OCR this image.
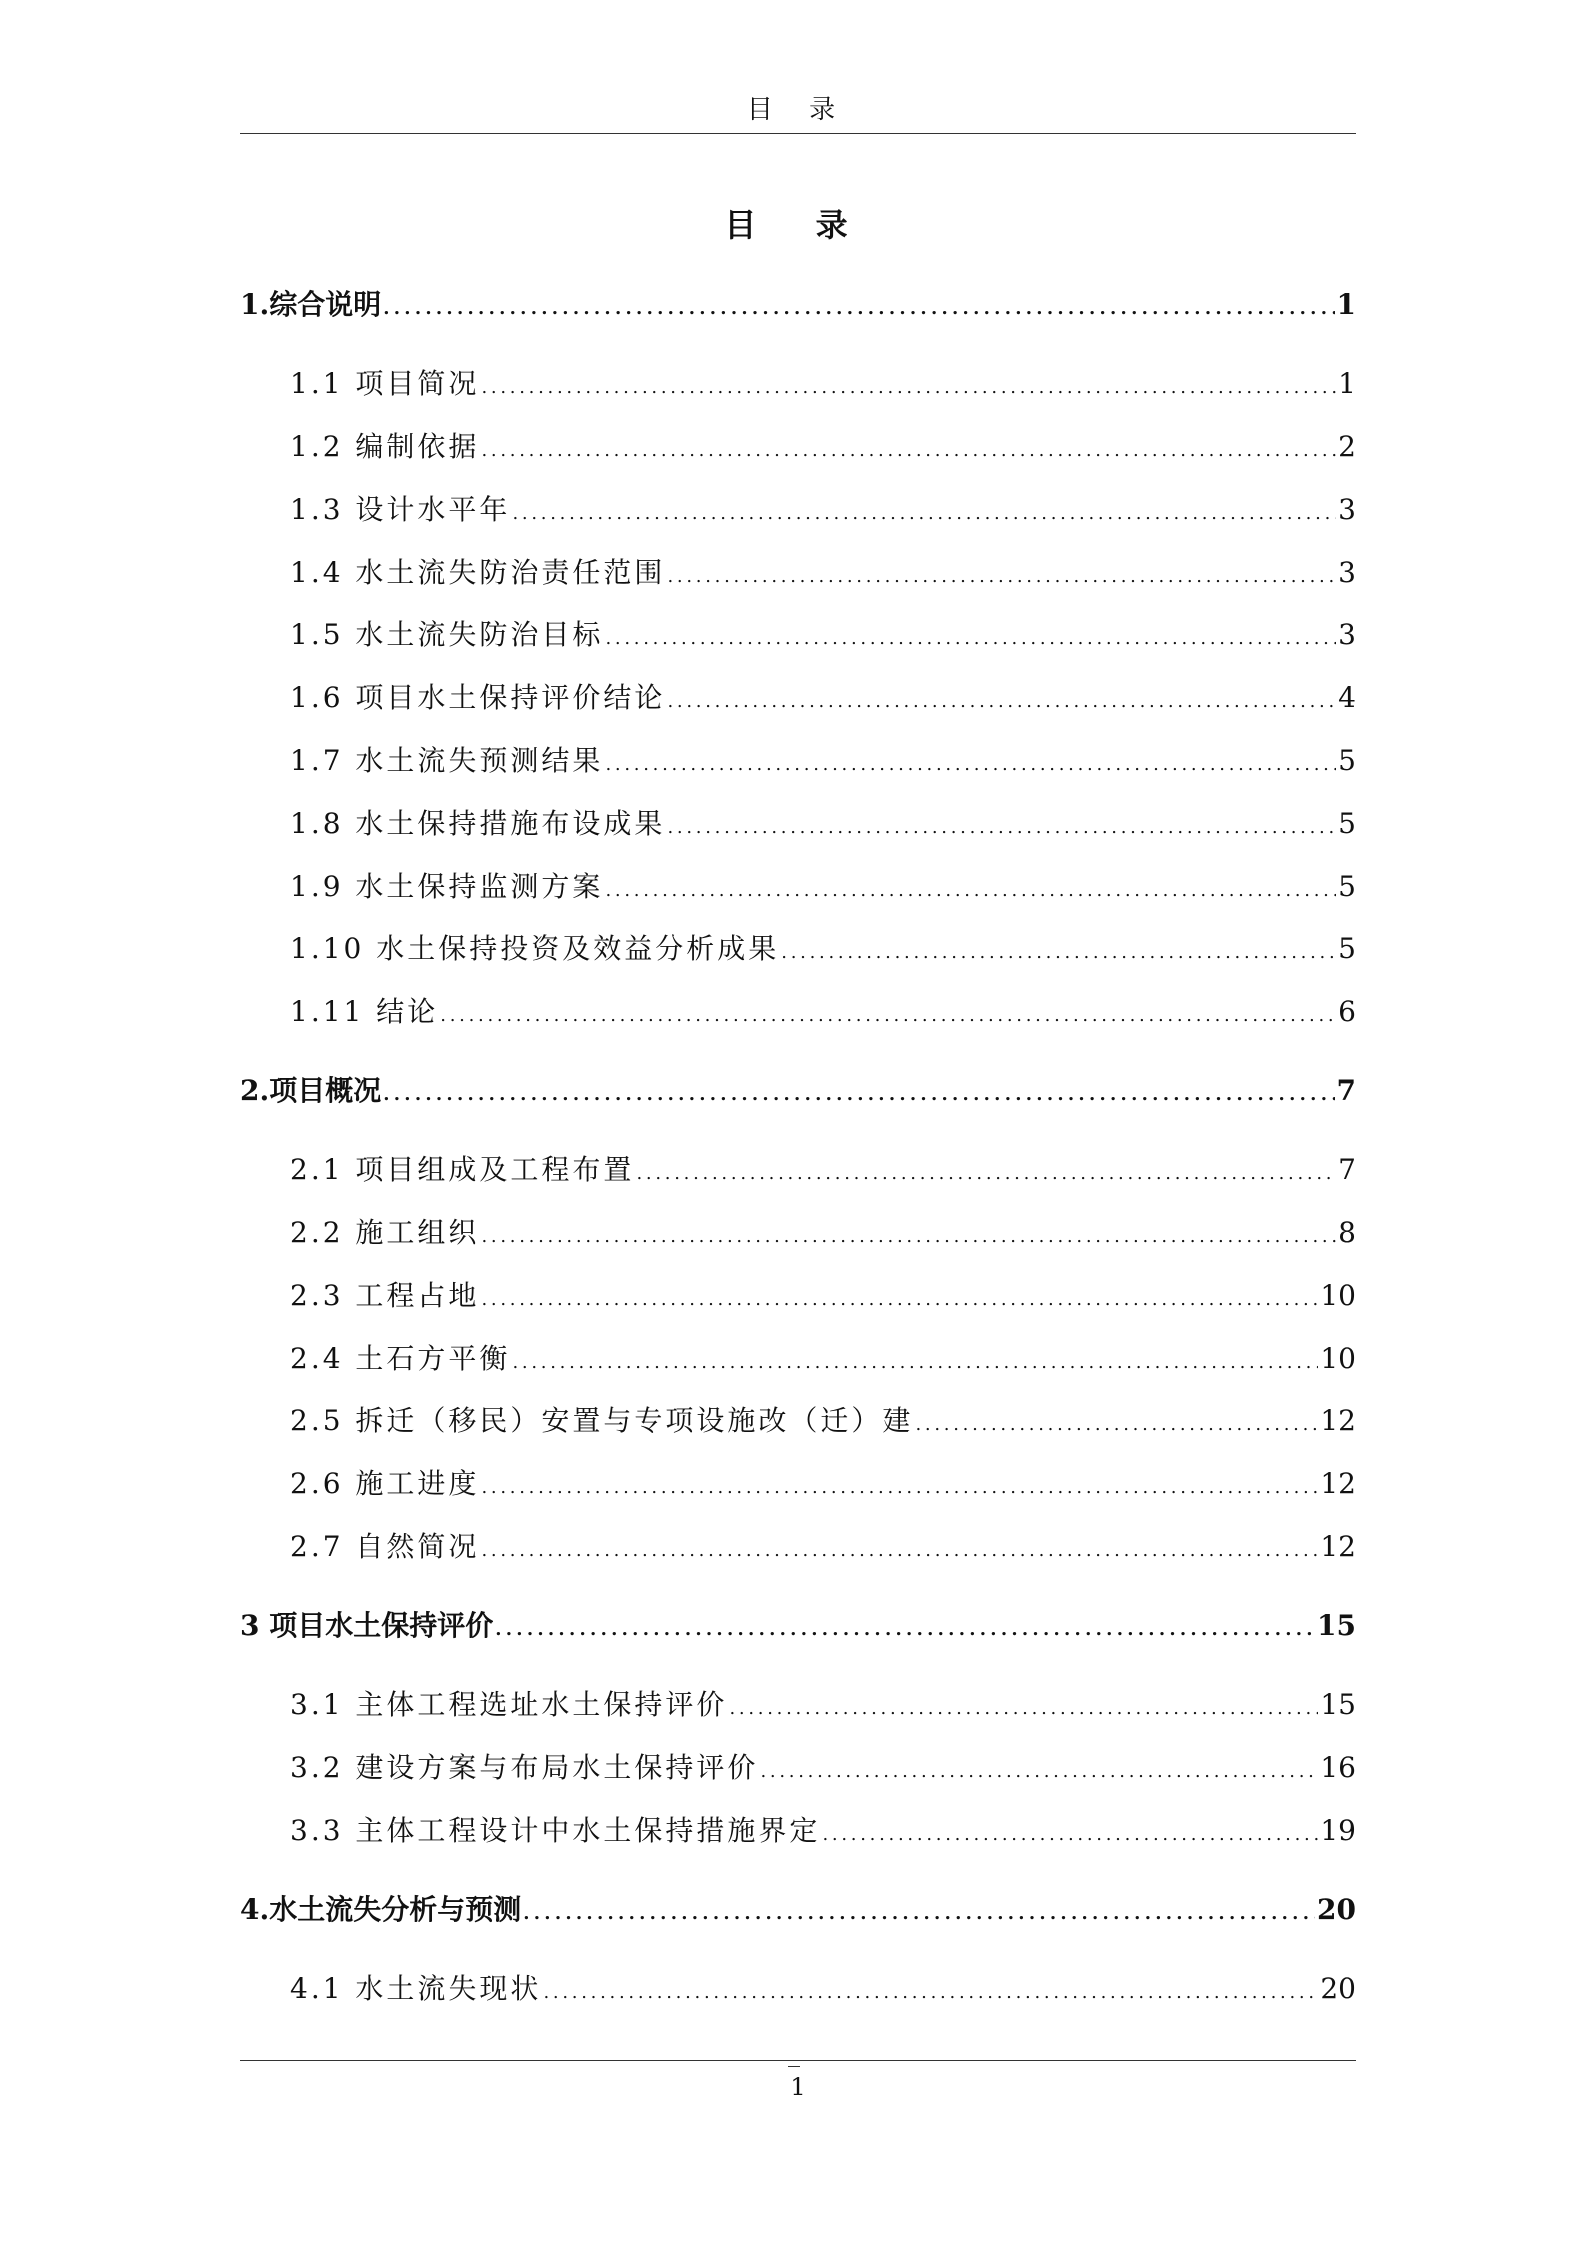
目 录
目 录
1.综合说明 . . .	1
1.1 项目简况 . . .	1
1.2 编制依据 . . .	2
1.3 设计水平年 . . .	3
1.4 水土流失防治责任范围 . . .	3
1.5 水土流失防治目标 . . .	3
1.6 项目水土保持评价结论 . . .	4
1.7 水土流失预测结果 . . .	5
1.8 水土保持措施布设成果 . . .	5
1.9 水土保持监测方案 . . .	5
1.10 水土保持投资及效益分析成果 . . .	5
1.11 结论 . . .	6
2.项目概况 . . .	7
2.1 项目组成及工程布置 . . .	7
2.2 施工组织 . . .	8
2.3 工程占地 . . .	10
2.4 土石方平衡 . . .	10
2.5 拆迁（移民）安置与专项设施改（迁）建 . . .	12
2.6 施工进度 . . .	12
2.7 自然简况 . . .	12
3 项目水土保持评价 . . .	15
3.1 主体工程选址水土保持评价 . . .	15
3.2 建设方案与布局水土保持评价 . . .	16
3.3 主体工程设计中水土保持措施界定 . . .	19
4.水土流失分析与预测 . . .	20
4.1 水土流失现状 . . .	20
1
